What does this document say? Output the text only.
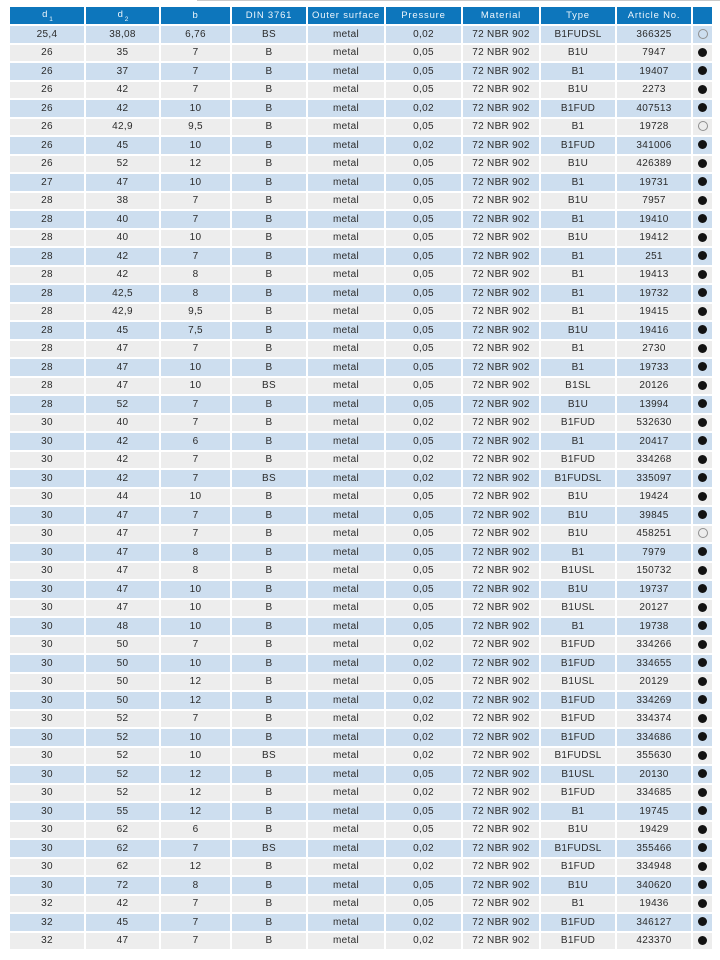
$d_1$	$d_2$	b	DIN 3761	Outer surface	Pressure	Material	Type	Article No.	
25,4	38,08	6,76	BS	metal	0,02	72 NBR 902	B1FUDSL	366325	
26	35	7	B	metal	0,05	72 NBR 902	B1U	7947	
26	37	7	B	metal	0,05	72 NBR 902	B1	19407	
26	42	7	B	metal	0,05	72 NBR 902	B1U	2273	
26	42	10	B	metal	0,02	72 NBR 902	B1FUD	407513	
26	42,9	9,5	B	metal	0,05	72 NBR 902	B1	19728	
26	45	10	B	metal	0,02	72 NBR 902	B1FUD	341006	
26	52	12	B	metal	0,05	72 NBR 902	B1U	426389	
27	47	10	B	metal	0,05	72 NBR 902	B1	19731	
28	38	7	B	metal	0,05	72 NBR 902	B1U	7957	
28	40	7	B	metal	0,05	72 NBR 902	B1	19410	
28	40	10	B	metal	0,05	72 NBR 902	B1U	19412	
28	42	7	B	metal	0,05	72 NBR 902	B1	251	
28	42	8	B	metal	0,05	72 NBR 902	B1	19413	
28	42,5	8	B	metal	0,05	72 NBR 902	B1	19732	
28	42,9	9,5	B	metal	0,05	72 NBR 902	B1	19415	
28	45	7,5	B	metal	0,05	72 NBR 902	B1U	19416	
28	47	7	B	metal	0,05	72 NBR 902	B1	2730	
28	47	10	B	metal	0,05	72 NBR 902	B1	19733	
28	47	10	BS	metal	0,05	72 NBR 902	B1SL	20126	
28	52	7	B	metal	0,05	72 NBR 902	B1U	13994	
30	40	7	B	metal	0,02	72 NBR 902	B1FUD	532630	
30	42	6	B	metal	0,05	72 NBR 902	B1	20417	
30	42	7	B	metal	0,02	72 NBR 902	B1FUD	334268	
30	42	7	BS	metal	0,02	72 NBR 902	B1FUDSL	335097	
30	44	10	B	metal	0,05	72 NBR 902	B1U	19424	
30	47	7	B	metal	0,05	72 NBR 902	B1U	39845	
30	47	7	B	metal	0,05	72 NBR 902	B1U	458251	
30	47	8	B	metal	0,05	72 NBR 902	B1	7979	
30	47	8	B	metal	0,05	72 NBR 902	B1USL	150732	
30	47	10	B	metal	0,05	72 NBR 902	B1U	19737	
30	47	10	B	metal	0,05	72 NBR 902	B1USL	20127	
30	48	10	B	metal	0,05	72 NBR 902	B1	19738	
30	50	7	B	metal	0,02	72 NBR 902	B1FUD	334266	
30	50	10	B	metal	0,02	72 NBR 902	B1FUD	334655	
30	50	12	B	metal	0,05	72 NBR 902	B1USL	20129	
30	50	12	B	metal	0,02	72 NBR 902	B1FUD	334269	
30	52	7	B	metal	0,02	72 NBR 902	B1FUD	334374	
30	52	10	B	metal	0,02	72 NBR 902	B1FUD	334686	
30	52	10	BS	metal	0,02	72 NBR 902	B1FUDSL	355630	
30	52	12	B	metal	0,05	72 NBR 902	B1USL	20130	
30	52	12	B	metal	0,02	72 NBR 902	B1FUD	334685	
30	55	12	B	metal	0,05	72 NBR 902	B1	19745	
30	62	6	B	metal	0,05	72 NBR 902	B1U	19429	
30	62	7	BS	metal	0,02	72 NBR 902	B1FUDSL	355466	
30	62	12	B	metal	0,02	72 NBR 902	B1FUD	334948	
30	72	8	B	metal	0,05	72 NBR 902	B1U	340620	
32	42	7	B	metal	0,05	72 NBR 902	B1	19436	
32	45	7	B	metal	0,02	72 NBR 902	B1FUD	346127	
32	47	7	B	metal	0,02	72 NBR 902	B1FUD	423370	
